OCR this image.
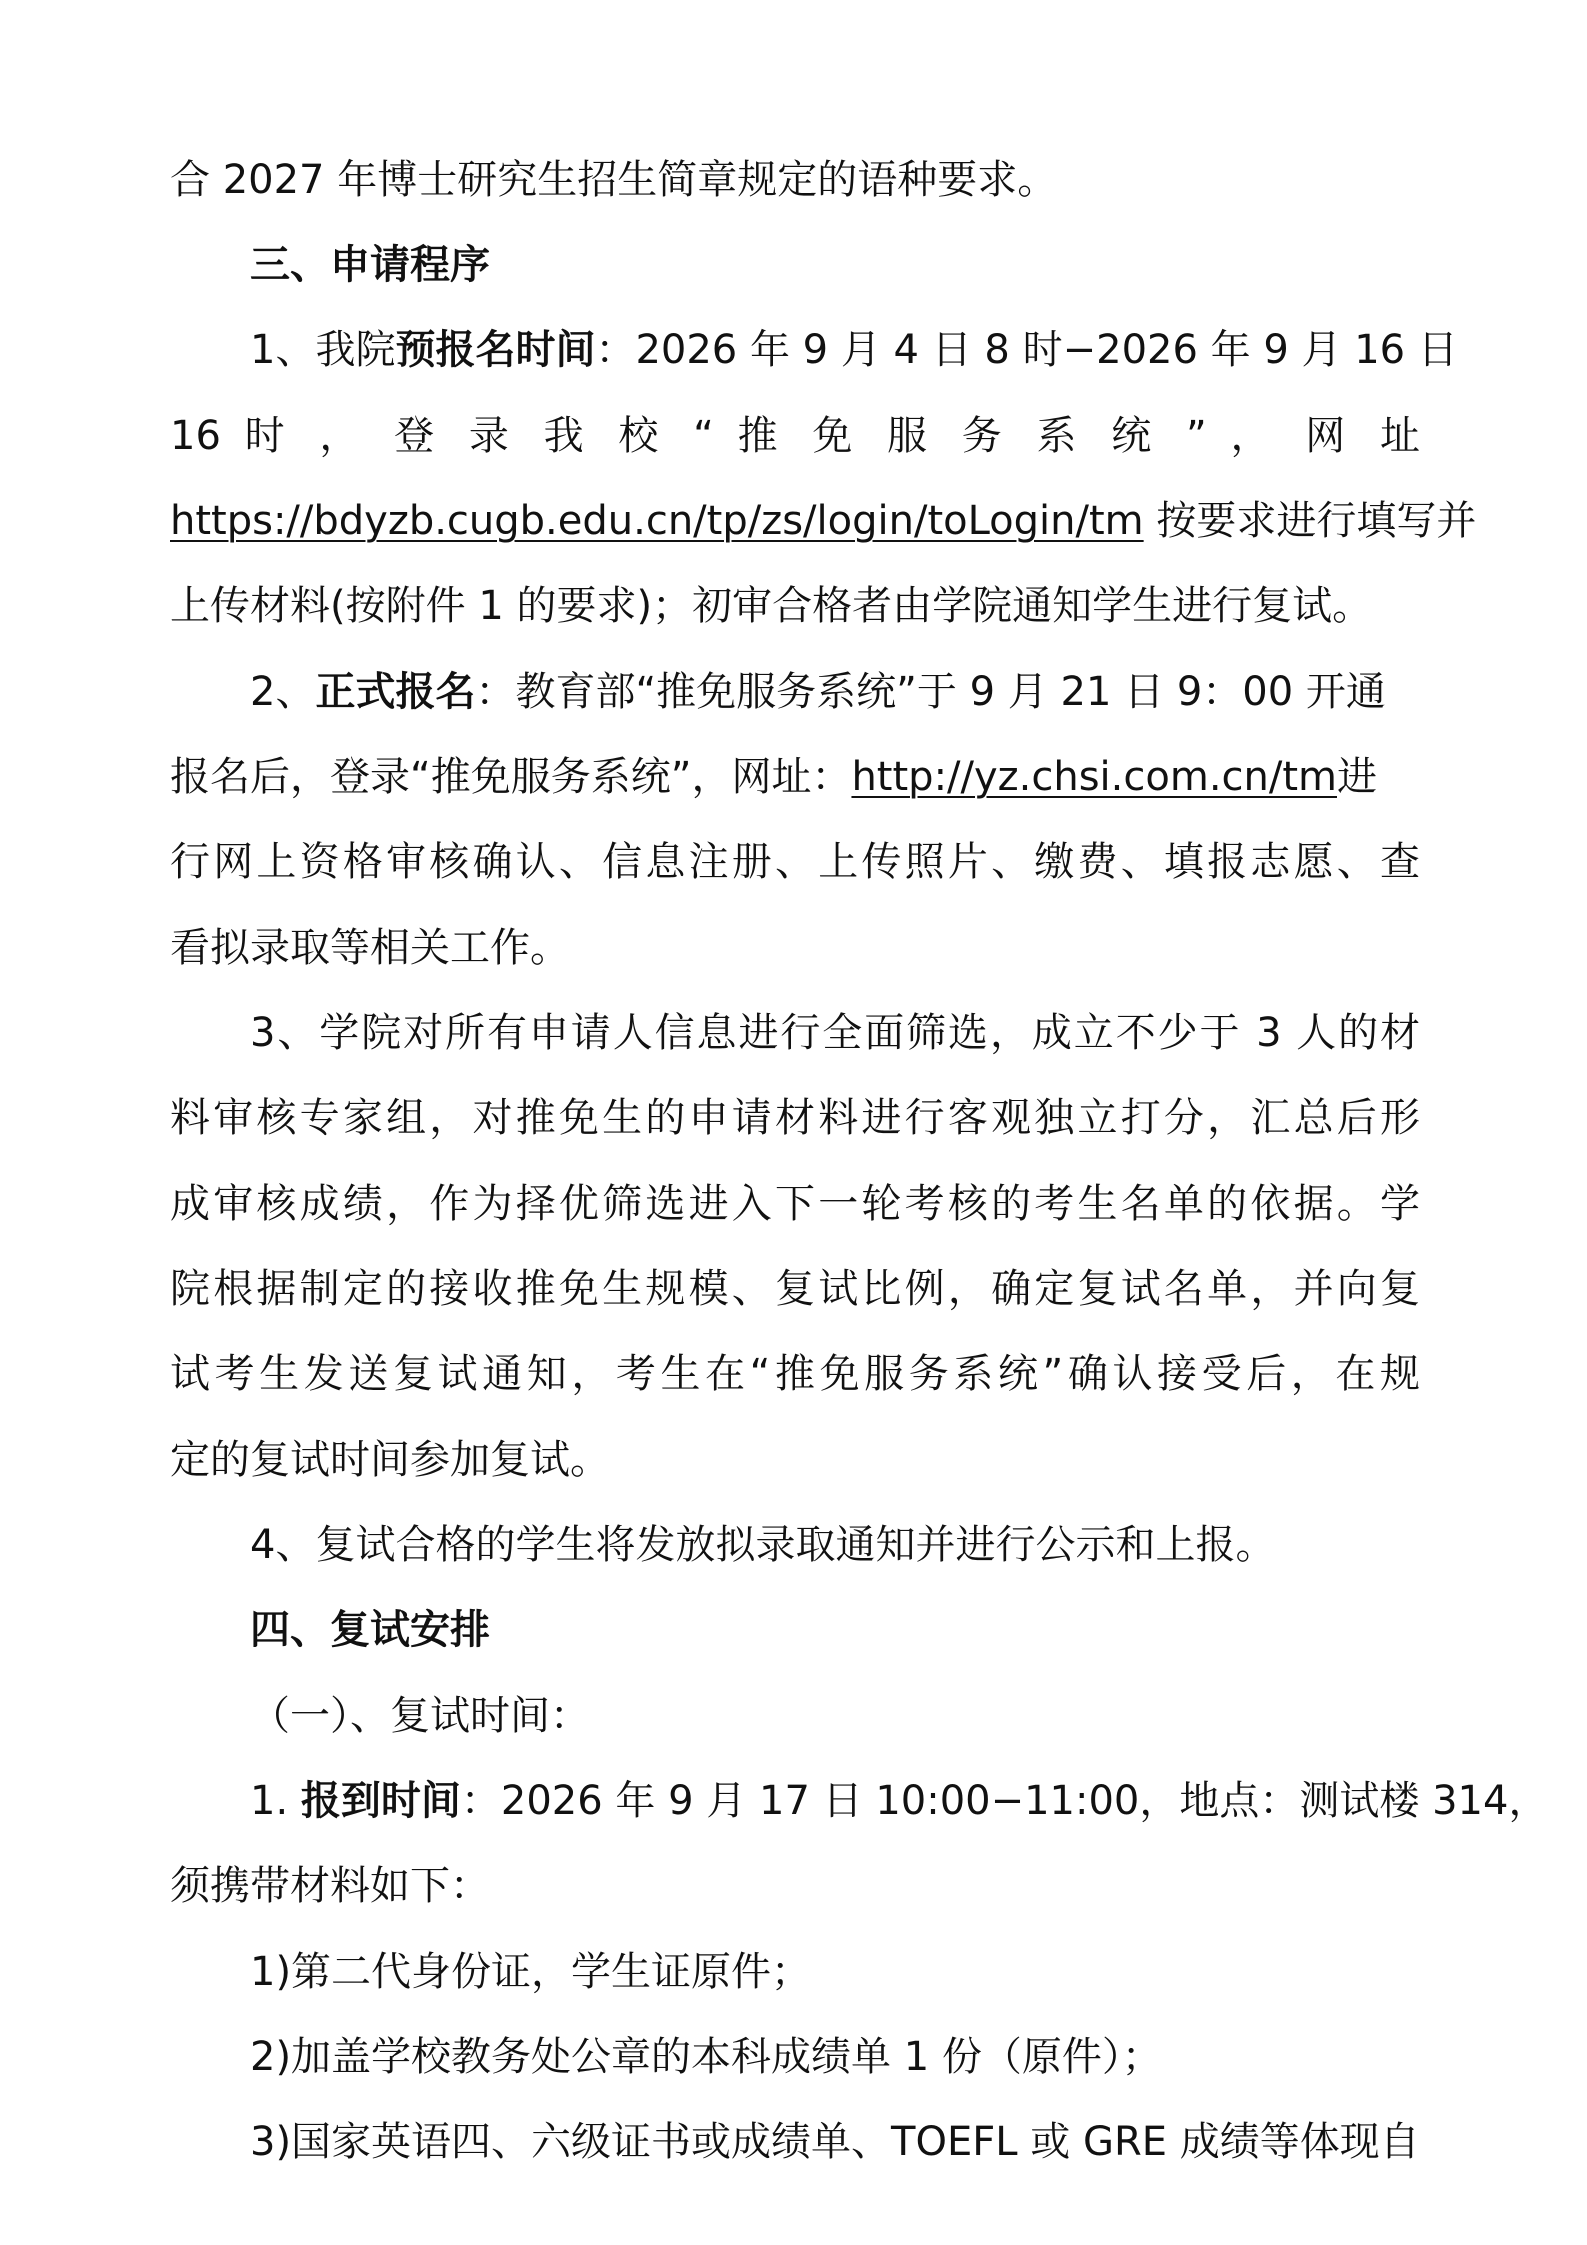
合 2027 年博士研究生招生简章规定的语种要求。
三、申请程序
1、我院预报名时间：2026 年 9 月 4 日 8 时−2026 年 9 月 16 日
16 时 ， 登 录 我 校 “ 推 免 服 务 系 统 ” ， 网 址
https://bdyzb.cugb.edu.cn/tp/zs/login/toLogin/tm 按要求进行填写并
上传材料(按附件 1 的要求)；初审合格者由学院通知学生进行复试。
2、正式报名：教育部“推免服务系统”于 9 月 21 日 9：00 开通
报名后，登录“推免服务系统”，网址：http://yz.chsi.com.cn/tm进
行网上资格审核确认、信息注册、上传照片、缴费、填报志愿、查
看拟录取等相关工作。
3、学院对所有申请人信息进行全面筛选，成立不少于 3 人的材
料审核专家组，对推免生的申请材料进行客观独立打分，汇总后形
成审核成绩，作为择优筛选进入下一轮考核的考生名单的依据。学
院根据制定的接收推免生规模、复试比例，确定复试名单，并向复
试考生发送复试通知，考生在“推免服务系统”确认接受后，在规
定的复试时间参加复试。
4、复试合格的学生将发放拟录取通知并进行公示和上报。
四、复试安排
（一）、复试时间：
1. 报到时间：2026 年 9 月 17 日 10:00−11:00，地点：测试楼 314，
须携带材料如下：
1)第二代身份证，学生证原件；
2)加盖学校教务处公章的本科成绩单 1 份（原件）；
3)国家英语四、六级证书或成绩单、TOEFL 或 GRE 成绩等体现自
